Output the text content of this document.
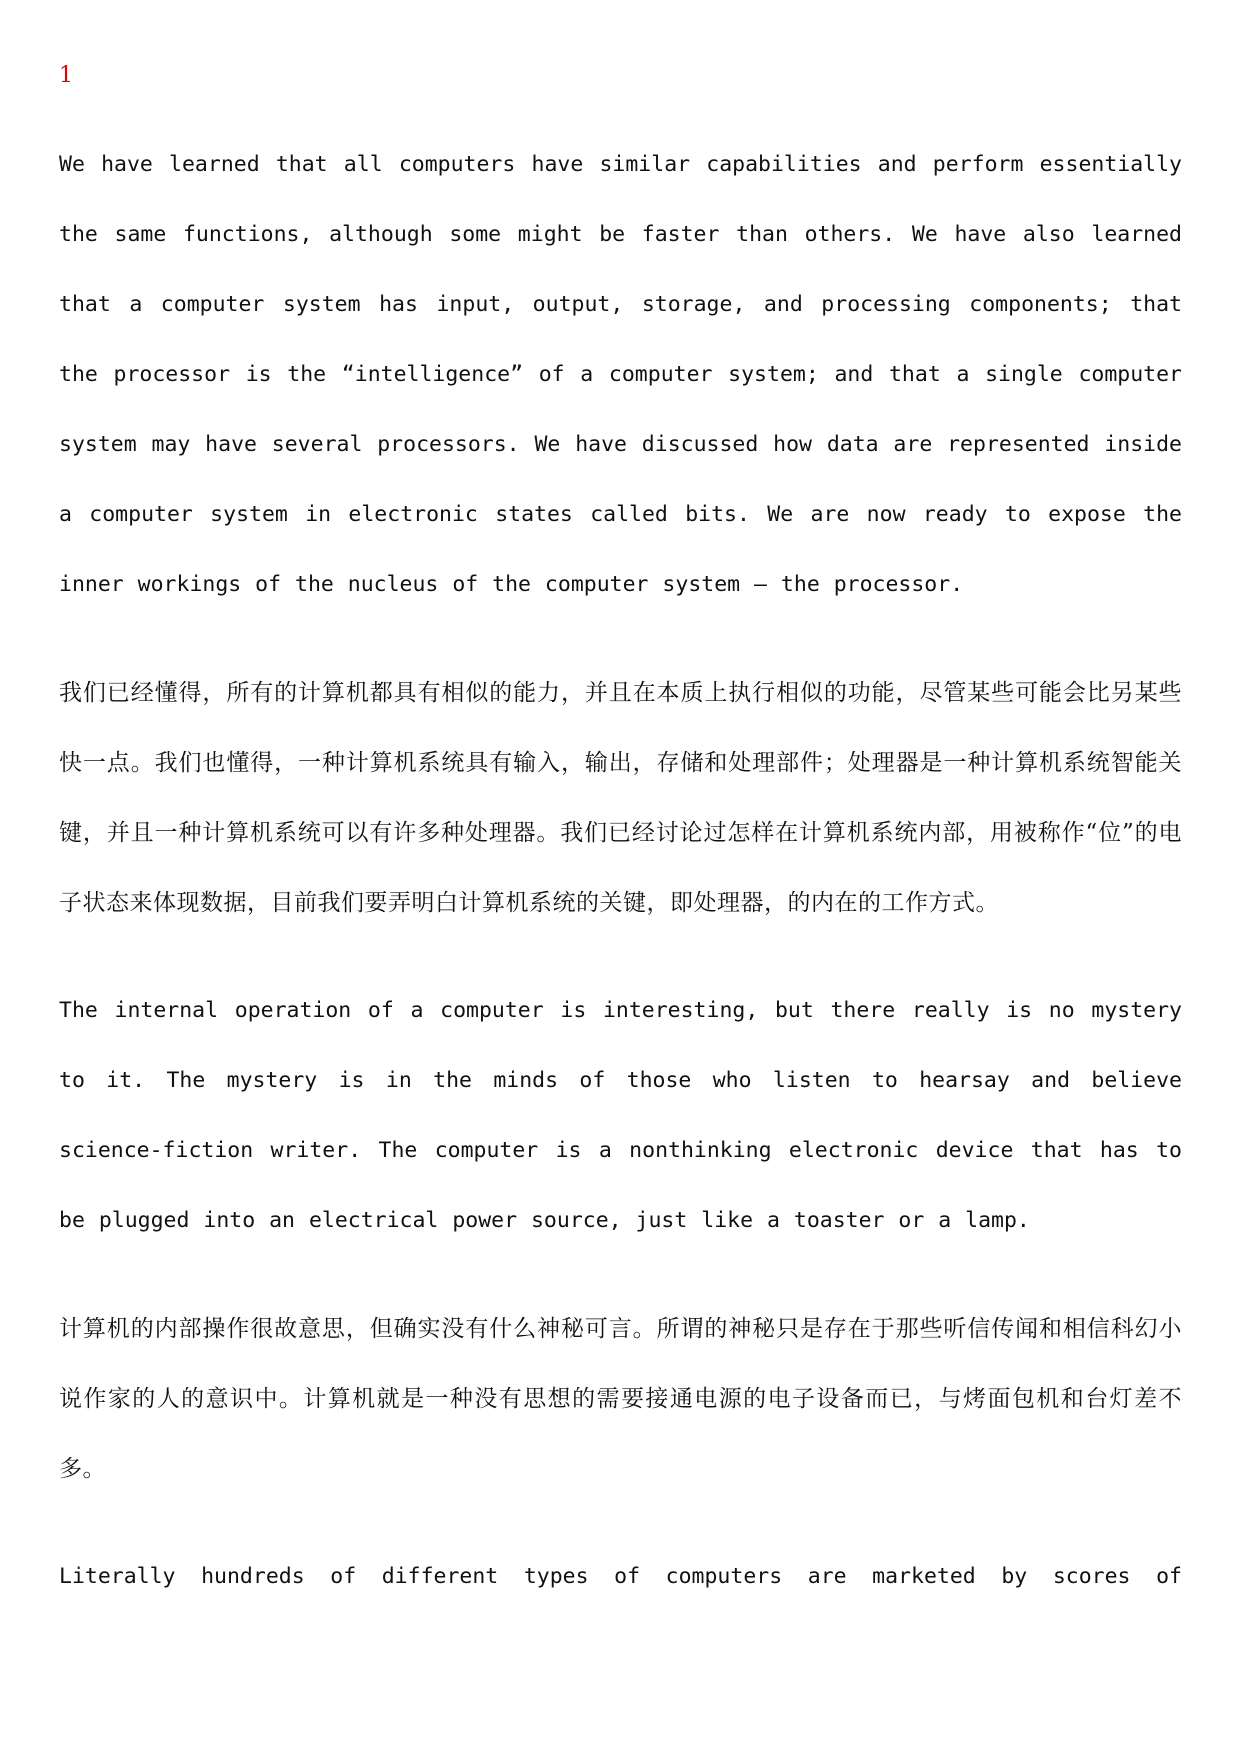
1

We have learned that all computers have similar capabilities and perform essentially the same functions, although some might be faster than others. We have also learned that a computer system has input, output, storage, and processing components; that the processor is the “intelligence” of a computer system; and that a single computer system may have several processors. We have discussed how data are represented inside a computer system in electronic states called bits. We are now ready to expose the inner workings of the nucleus of the computer system — the processor.

我们已经懂得，所有的计算机都具有相似的能力，并且在本质上执行相似的功能，尽管某些可能会比另某些快一点。我们也懂得，一种计算机系统具有输入，输出，存储和处理部件；处理器是一种计算机系统智能关键，并且一种计算机系统可以有许多种处理器。我们已经讨论过怎样在计算机系统内部，用被称作“位”的电子状态来体现数据，目前我们要弄明白计算机系统的关键，即处理器，的内在的工作方式。

The internal operation of a computer is interesting, but there really is no mystery to it. The mystery is in the minds of those who listen to hearsay and believe science-fiction writer. The computer is a nonthinking electronic device that has to be plugged into an electrical power source, just like a toaster or a lamp.

计算机的内部操作很故意思，但确实没有什么神秘可言。所谓的神秘只是存在于那些听信传闻和相信科幻小说作家的人的意识中。计算机就是一种没有思想的需要接通电源的电子设备而已，与烤面包机和台灯差不多。

Literally hundreds of different types of computers are marketed by scores of
